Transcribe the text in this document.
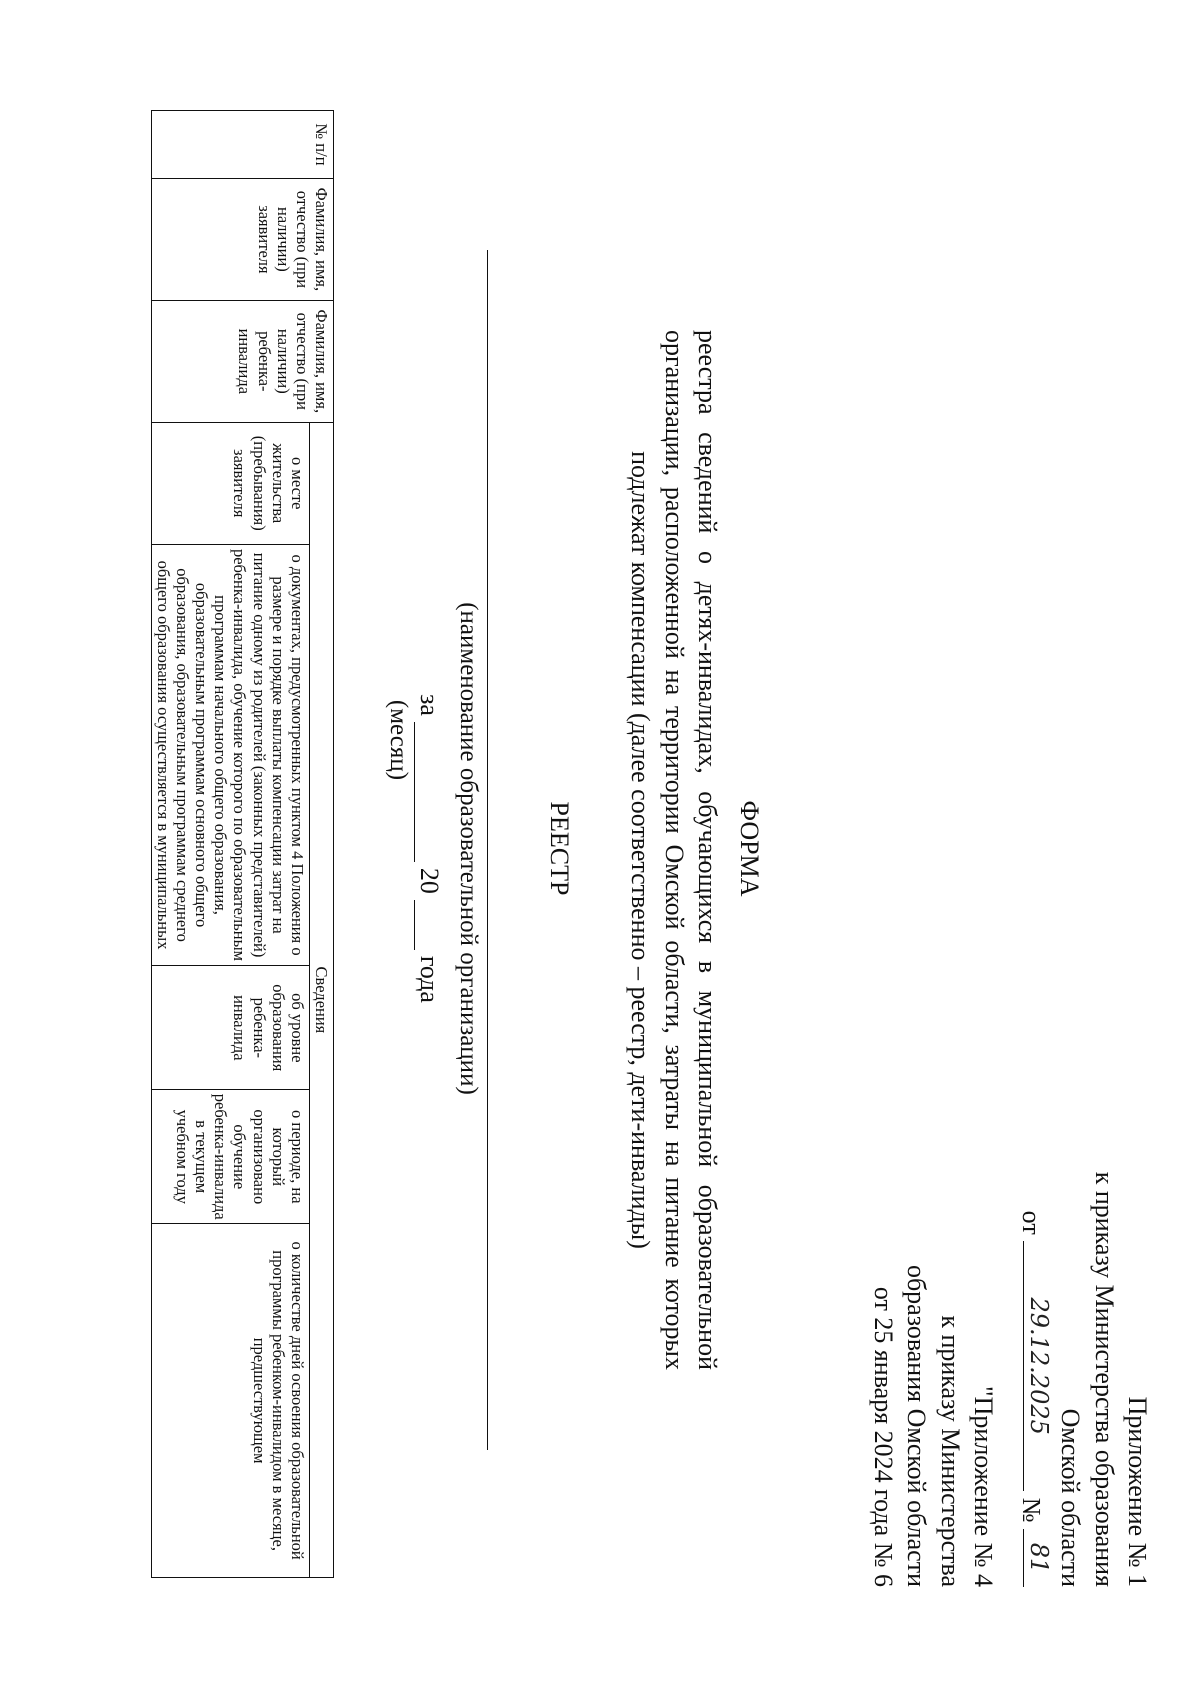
Приложение № 1
к приказу Министерства образования
Омской области
от
29.12.2025
№
81
"Приложение № 4
к приказу Министерства
образования Омской области
от 25 января 2024 года № 6
ФОРМА
реестра сведений о детях-инвалидах, обучающихся в муниципальной образовательной организации, расположенной на территории Омской области, затраты на питание которых подлежат компенсации (далее соответственно – реестр, дети-инвалиды)
РЕЕСТР
(наименование образовательной организации)
за
20
года
(месяц)
№ п/п	Фамилия, имя, отчество (при наличии) заявителя	Фамилия, имя, отчество (при наличии) ребенка-инвалида	Сведения				
			о месте жительства (пребывания) заявителя	о документах, предусмотренных пунктом 4 Положения о размере и порядке выплаты компенсации затрат на питание одному из родителей (законных представителей) ребенка-инвалида, обучение которого по образовательным программам начального общего образования, образовательным программам основного общего образования, образовательным программам среднего общего образования осуществляется в муниципальных	об уровне образования ребенка-инвалида	о периоде, на который организовано обучение ребенка-инвалида в текущем учебном году	о количестве дней освоения образовательной программы ребенком-инвалидом в месяце, предшествующем
